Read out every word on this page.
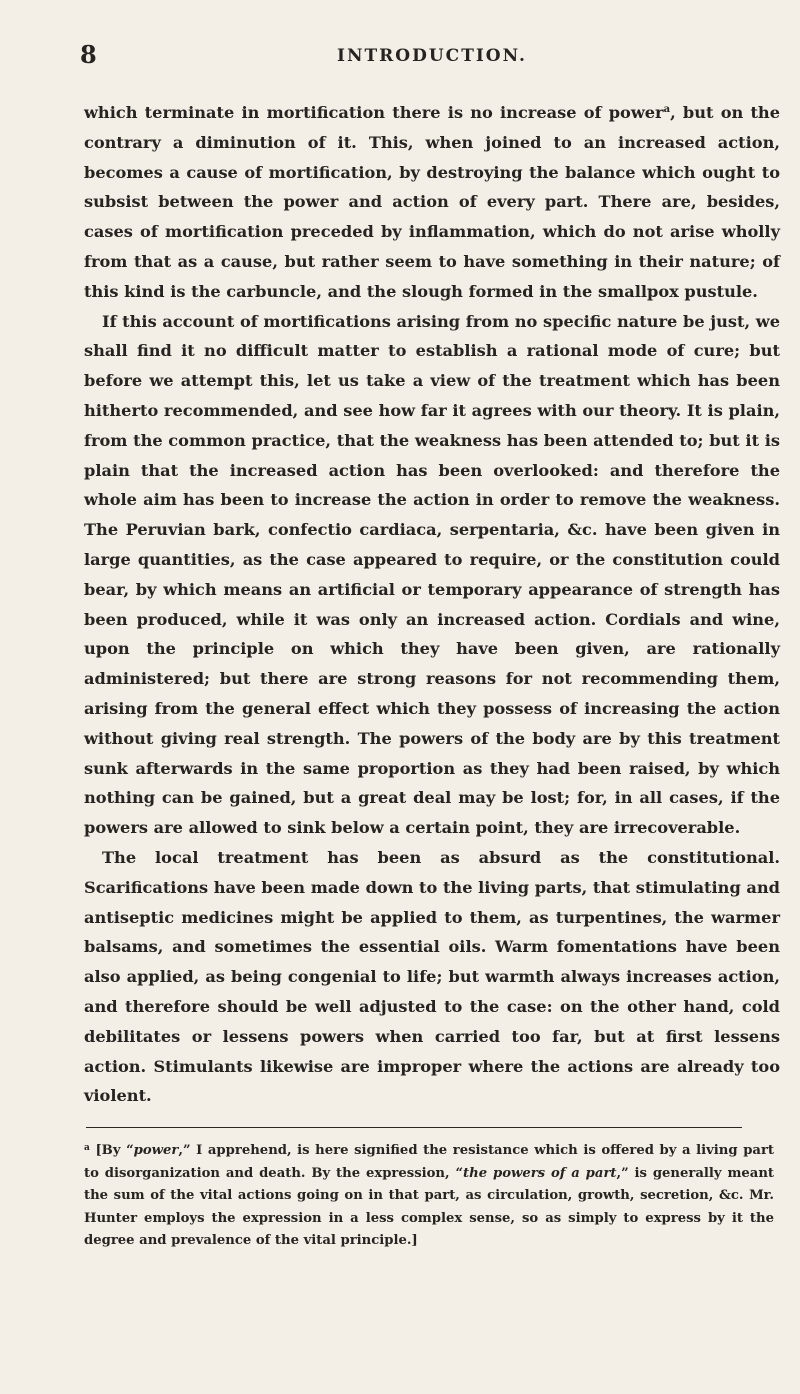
8	INTRODUCTION.

which terminate in mortification there is no increase of power$^a$, but on the contrary a diminution of it. This, when joined to an increased action, becomes a cause of mortification, by destroying the balance which ought to subsist between the power and action of every part. There are, besides, cases of mortification preceded by inflammation, which do not arise wholly from that as a cause, but rather seem to have something in their nature; of this kind is the carbuncle, and the slough formed in the smallpox pustule.

If this account of mortifications arising from no specific nature be just, we shall find it no difficult matter to establish a rational mode of cure; but before we attempt this, let us take a view of the treatment which has been hitherto recommended, and see how far it agrees with our theory. It is plain, from the common practice, that the weakness has been attended to; but it is plain that the increased action has been overlooked: and therefore the whole aim has been to increase the action in order to remove the weakness. The Peruvian bark, confectio cardiaca, serpentaria, &c. have been given in large quantities, as the case appeared to require, or the constitution could bear, by which means an artificial or temporary appearance of strength has been produced, while it was only an increased action. Cordials and wine, upon the principle on which they have been given, are rationally administered; but there are strong reasons for not recommending them, arising from the general effect which they possess of increasing the action without giving real strength. The powers of the body are by this treatment sunk afterwards in the same proportion as they had been raised, by which nothing can be gained, but a great deal may be lost; for, in all cases, if the powers are allowed to sink below a certain point, they are irrecoverable.

The local treatment has been as absurd as the constitutional. Scarifications have been made down to the living parts, that stimulating and antiseptic medicines might be applied to them, as turpentines, the warmer balsams, and sometimes the essential oils. Warm fomentations have been also applied, as being congenial to life; but warmth always increases action, and therefore should be well adjusted to the case: on the other hand, cold debilitates or lessens powers when carried too far, but at first lessens action. Stimulants likewise are improper where the actions are already too violent.

$^a$ [By “power,” I apprehend, is here signified the resistance which is offered by a living part to disorganization and death. By the expression, “the powers of a part,” is generally meant the sum of the vital actions going on in that part, as circulation, growth, secretion, &c. Mr. Hunter employs the expression in a less complex sense, so as simply to express by it the degree and prevalence of the vital principle.]
